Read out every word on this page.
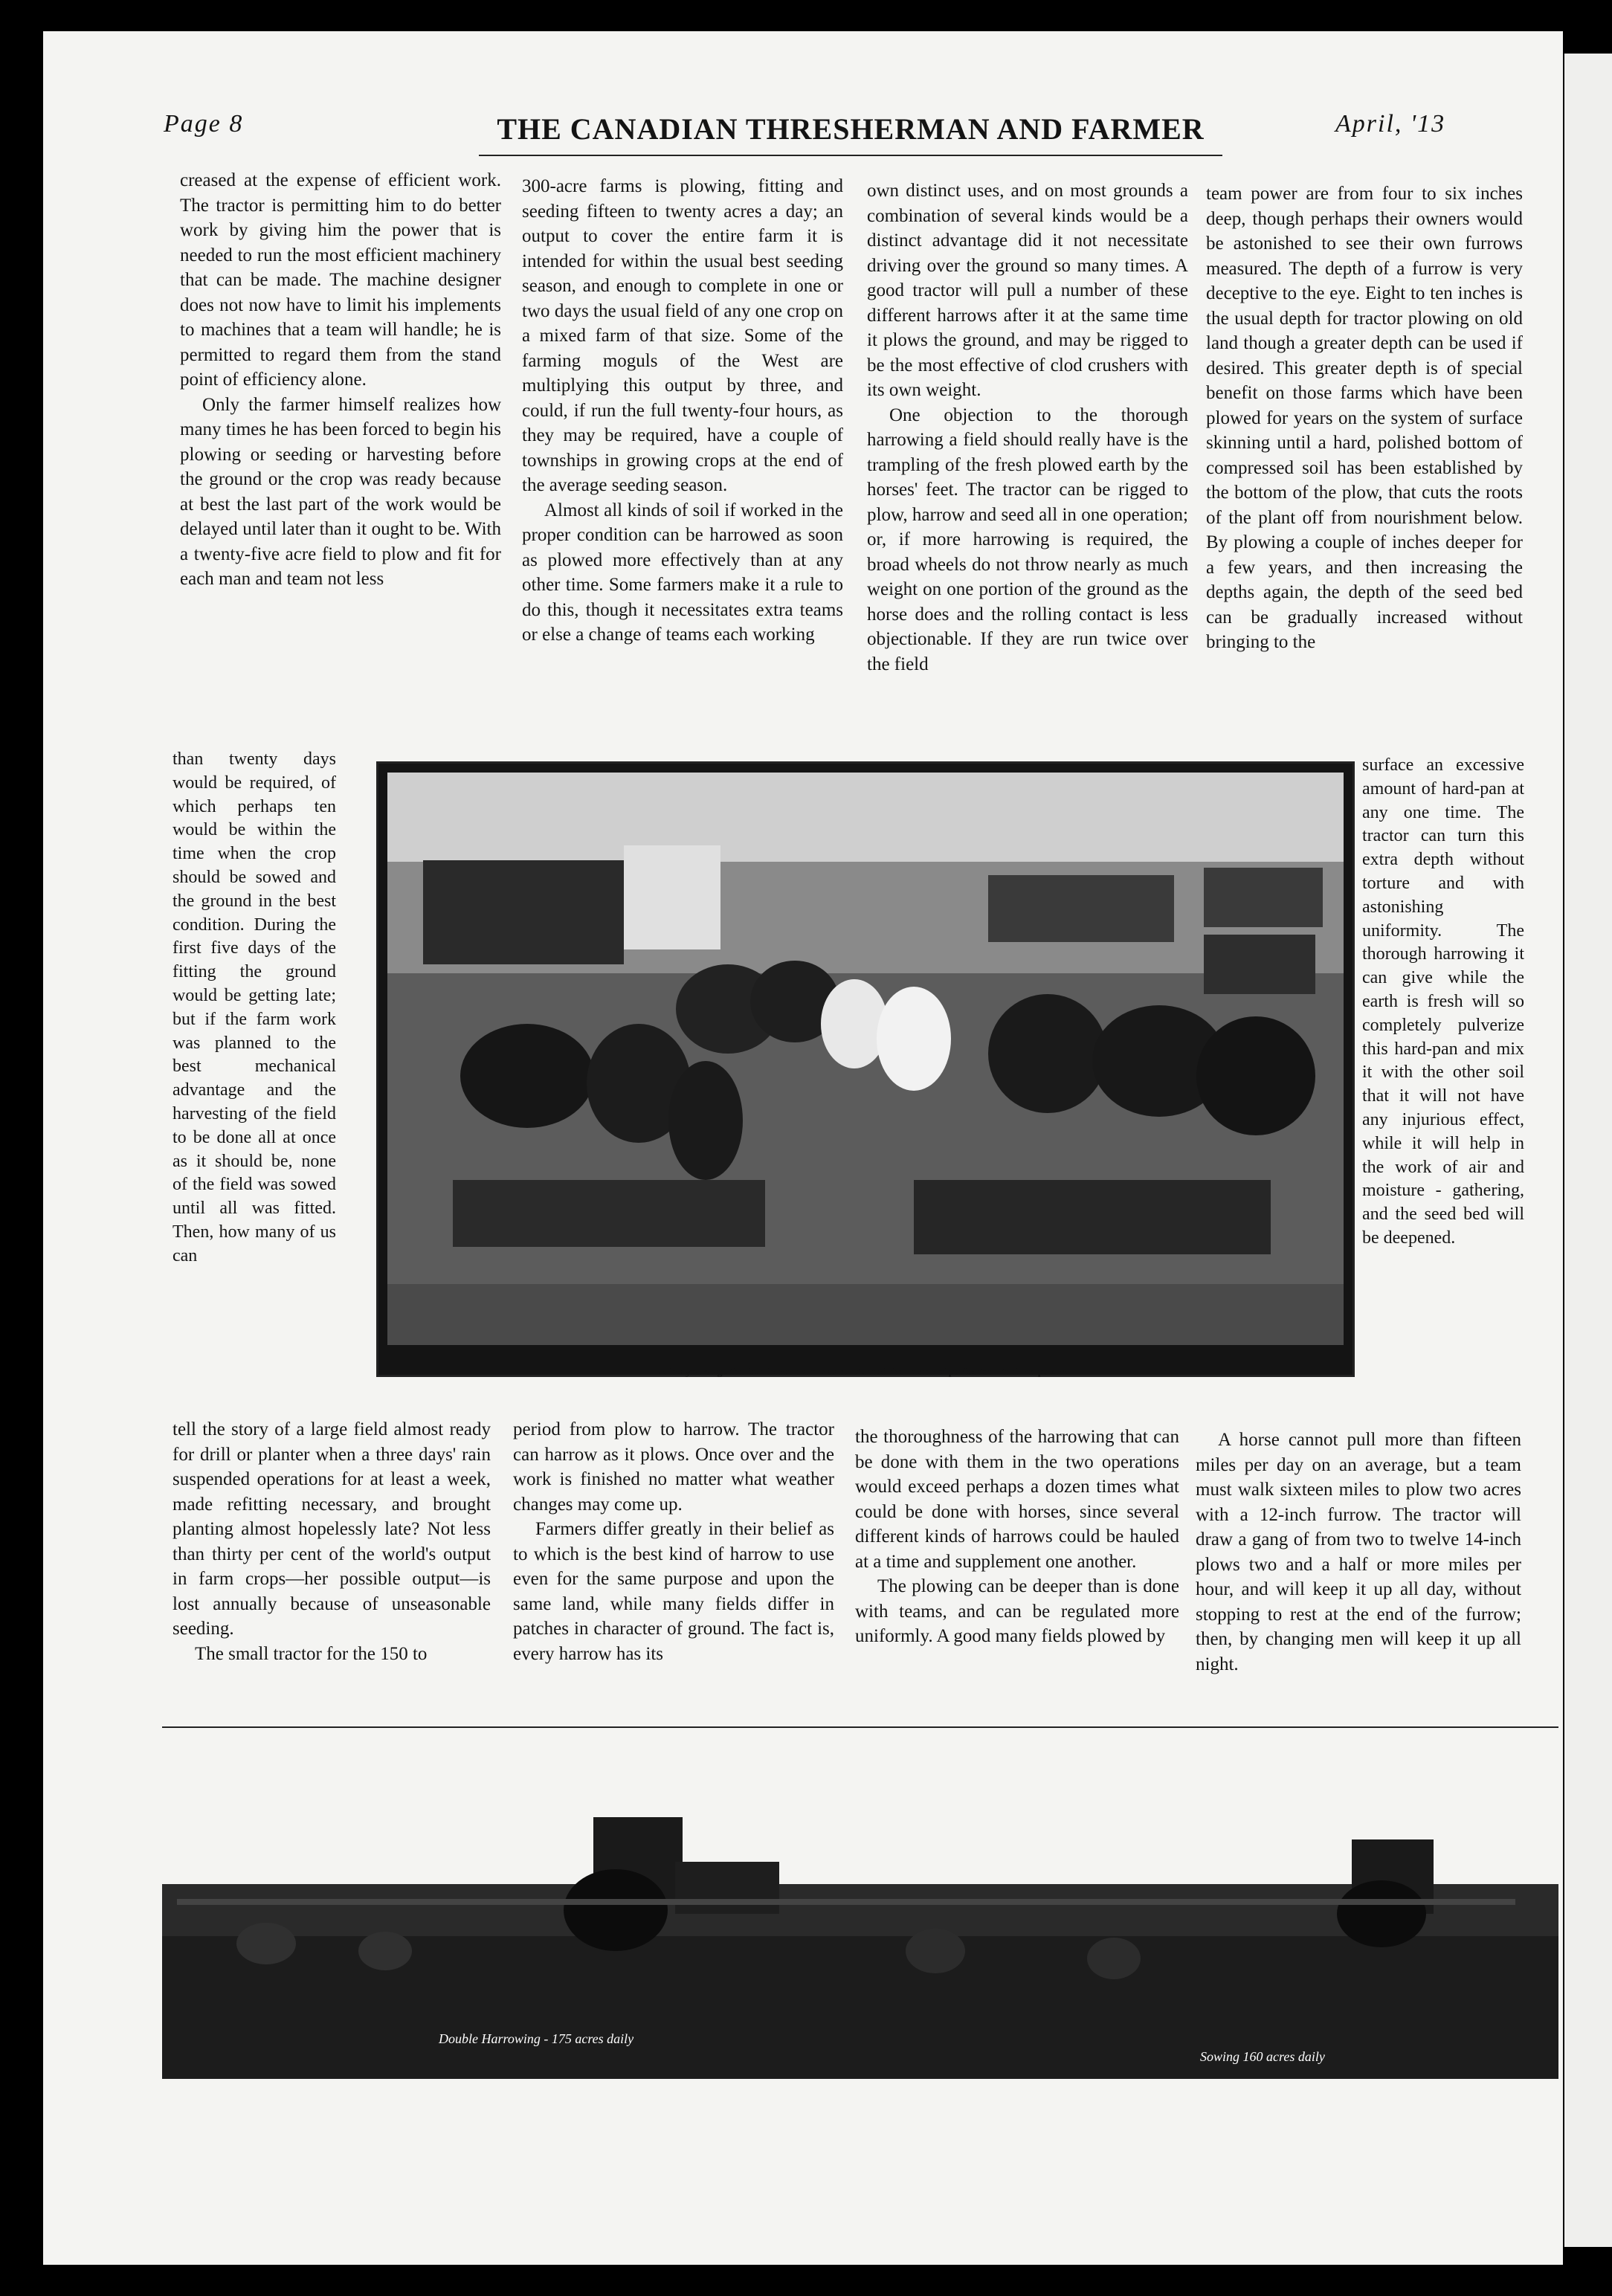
Page 8	THE CANADIAN THRESHERMAN AND FARMER	April, '13

creased at the expense of efficient work. The tractor is permitting him to do better work by giving him the power that is needed to run the most efficient machinery that can be made. The machine designer does not now have to limit his implements to machines that a team will handle; he is permitted to regard them from the stand point of efficiency alone.

Only the farmer himself realizes how many times he has been forced to begin his plowing or seeding or harvesting before the ground or the crop was ready because at best the last part of the work would be delayed until later than it ought to be. With a twenty-five acre field to plow and fit for each man and team not less

than twenty days would be required, of which perhaps ten would be within the time when the crop should be sowed and the ground in the best condition. During the first five days of the fitting the ground would be getting late; but if the farm work was planned to the best mechanical advantage and the harvesting of the field to be done all at once as it should be, none of the field was sowed until all was fitted. Then, how many of us can

300-acre farms is plowing, fitting and seeding fifteen to twenty acres a day; an output to cover the entire farm it is intended for within the usual best seeding season, and enough to complete in one or two days the usual field of any one crop on a mixed farm of that size. Some of the farming moguls of the West are multiplying this output by three, and could, if run the full twenty-four hours, as they may be required, have a couple of townships in growing crops at the end of the average seeding season.

Almost all kinds of soil if worked in the proper condition can be harrowed as soon as plowed more effectively than at any other time. Some farmers make it a rule to do this, though it necessitates extra teams or else a change of teams each working

own distinct uses, and on most grounds a combination of several kinds would be a distinct advantage did it not necessitate driving over the ground so many times. A good tractor will pull a number of these different harrows after it at the same time it plows the ground, and may be rigged to be the most effective of clod crushers with its own weight.

One objection to the thorough harrowing a field should really have is the trampling of the fresh plowed earth by the horses' feet. The tractor can be rigged to plow, harrow and seed all in one operation; or, if more harrowing is required, the broad wheels do not throw nearly as much weight on one portion of the ground as the horse does and the rolling contact is less objectionable. If they are run twice over the field

team power are from four to six inches deep, though perhaps their owners would be astonished to see their own furrows measured. The depth of a furrow is very deceptive to the eye. Eight to ten inches is the usual depth for tractor plowing on old land though a greater depth can be used if desired. This greater depth is of special benefit on those farms which have been plowed for years on the system of surface skinning until a hard, polished bottom of compressed soil has been established by the bottom of the plow, that cuts the roots of the plant off from nourishment below. By plowing a couple of inches deeper for a few years, and then increasing the depths again, the depth of the seed bed can be gradually increased without bringing to the

surface an excessive amount of hard-pan at any one time. The tractor can turn this extra depth without torture and with astonishing uniformity. The thorough harrowing it can give while the earth is fresh will so completely pulverize this hard-pan and mix it with the other soil that it will not have any injurious effect, while it will help in the work of air and moisture - gathering, and the seed bed will be deepened.

A few years ago the four horse team was considered the "acme of perfection" in farm power.

tell the story of a large field almost ready for drill or planter when a three days' rain suspended operations for at least a week, made refitting necessary, and brought planting almost hopelessly late? Not less than thirty per cent of the world's output in farm crops—her possible output—is lost annually because of unseasonable seeding.

The small tractor for the 150 to

period from plow to harrow. The tractor can harrow as it plows. Once over and the work is finished no matter what weather changes may come up.

Farmers differ greatly in their belief as to which is the best kind of harrow to use even for the same purpose and upon the same land, while many fields differ in patches in character of ground. The fact is, every harrow has its

the thoroughness of the harrowing that can be done with them in the two operations would exceed perhaps a dozen times what could be done with horses, since several different kinds of harrows could be hauled at a time and supplement one another.

The plowing can be deeper than is done with teams, and can be regulated more uniformly. A good many fields plowed by

A horse cannot pull more than fifteen miles per day on an average, but a team must walk sixteen miles to plow two acres with a 12-inch furrow. The tractor will draw a gang of from two to twelve 14-inch plows two and a half or more miles per hour, and will keep it up all day, without stopping to rest at the end of the furrow; then, by changing men will keep it up all night.

Double Harrowing - 175 acres daily
Sowing 160 acres daily
